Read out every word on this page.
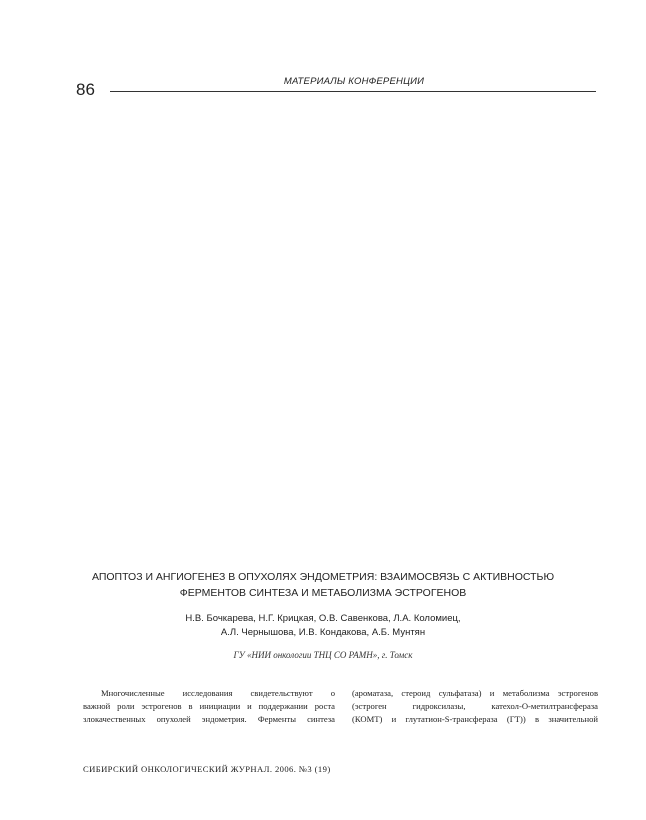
86	МАТЕРИАЛЫ КОНФЕРЕНЦИИ
АПОПТОЗ И АНГИОГЕНЕЗ В ОПУХОЛЯХ ЭНДОМЕТРИЯ: ВЗАИМОСВЯЗЬ С АКТИВНОСТЬЮ
ФЕРМЕНТОВ СИНТЕЗА И МЕТАБОЛИЗМА ЭСТРОГЕНОВ
Н.В. Бочкарева, Н.Г. Крицкая, О.В. Савенкова, Л.А. Коломиец,
А.Л. Чернышова, И.В. Кондакова, А.Б. Мунтян
ГУ «НИИ онкологии ТНЦ СО РАМН», г. Томск
Многочисленные исследования свидетельствуют о
важной роли эстрогенов в инициации и поддержании роста
злокачественных опухолей эндометрия. Ферменты синтеза
(ароматаза, стероид сульфатаза) и метаболизма эстрогенов
(эстроген гидроксилазы, катехол-О-метилтрансфераза
(КОМТ) и глутатион-S-трансфераза (ГТ)) в значительной
СИБИРСКИЙ ОНКОЛОГИЧЕСКИЙ ЖУРНАЛ. 2006. №3 (19)
